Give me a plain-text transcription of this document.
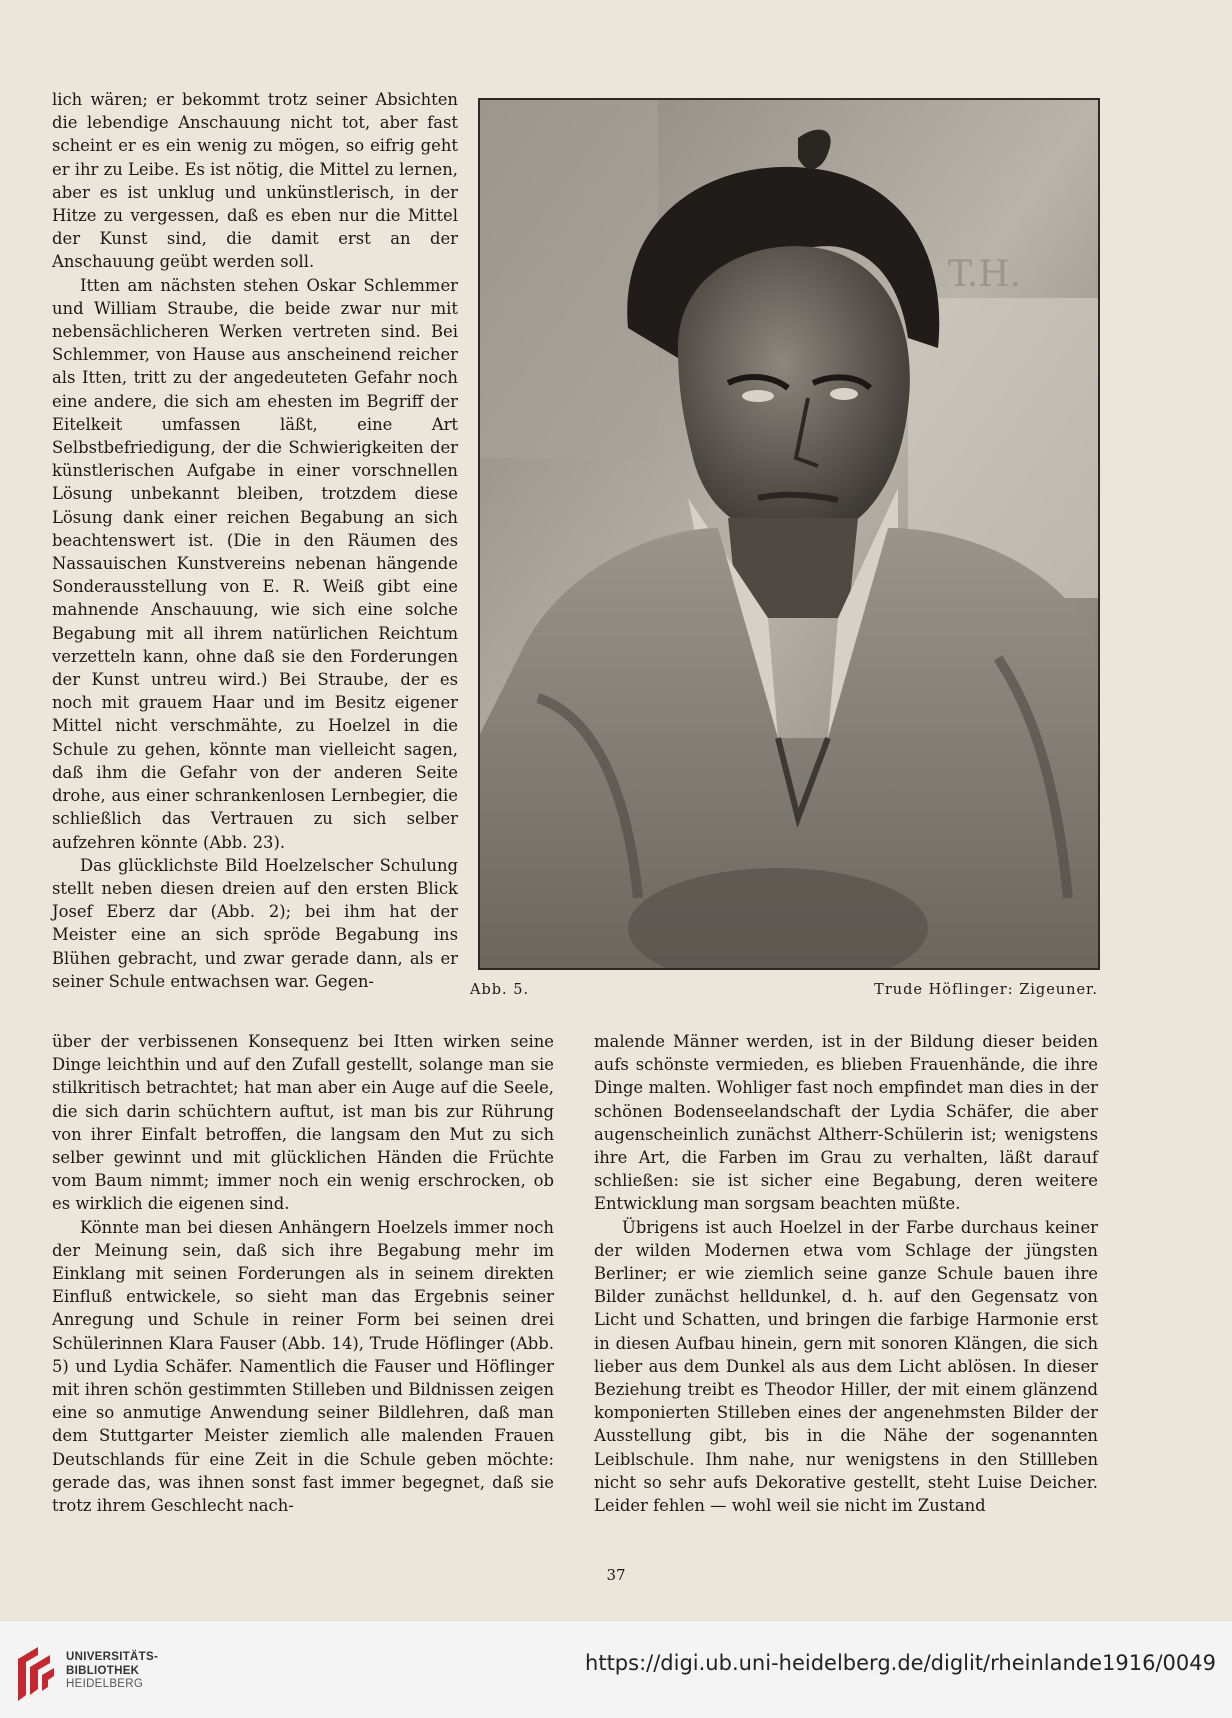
lich wären; er bekommt trotz seiner Absichten die lebendige Anschauung nicht tot, aber fast scheint er es ein wenig zu mögen, so eifrig geht er ihr zu Leibe. Es ist nötig, die Mittel zu lernen, aber es ist unklug und unkünstlerisch, in der Hitze zu vergessen, daß es eben nur die Mittel der Kunst sind, die damit erst an der Anschauung geübt werden soll.
Itten am nächsten stehen Oskar Schlemmer und William Straube, die beide zwar nur mit nebensächlicheren Werken vertreten sind. Bei Schlemmer, von Hause aus anscheinend reicher als Itten, tritt zu der angedeuteten Gefahr noch eine andere, die sich am ehesten im Begriff der Eitelkeit umfassen läßt, eine Art Selbstbefriedigung, der die Schwierigkeiten der künstlerischen Aufgabe in einer vorschnellen Lösung unbekannt bleiben, trotzdem diese Lösung dank einer reichen Begabung an sich beachtenswert ist. (Die in den Räumen des Nassauischen Kunstvereins nebenan hängende Sonderausstellung von E. R. Weiß gibt eine mahnende Anschauung, wie sich eine solche Begabung mit all ihrem natürlichen Reichtum verzetteln kann, ohne daß sie den Forderungen der Kunst untreu wird.) Bei Straube, der es noch mit grauem Haar und im Besitz eigener Mittel nicht verschmähte, zu Hoelzel in die Schule zu gehen, könnte man vielleicht sagen, daß ihm die Gefahr von der anderen Seite drohe, aus einer schrankenlosen Lernbegier, die schließlich das Vertrauen zu sich selber aufzehren könnte (Abb. 23).
Das glücklichste Bild Hoelzelscher Schulung stellt neben diesen dreien auf den ersten Blick Josef Eberz dar (Abb. 2); bei ihm hat der Meister eine an sich spröde Begabung ins Blühen gebracht, und zwar gerade dann, als er seiner Schule entwachsen war. Gegen-
T.H.
Abb. 5.	Trude Höflinger: Zigeuner.
über der verbissenen Konsequenz bei Itten wirken seine Dinge leichthin und auf den Zufall gestellt, solange man sie stilkritisch betrachtet; hat man aber ein Auge auf die Seele, die sich darin schüchtern auftut, ist man bis zur Rührung von ihrer Einfalt betroffen, die langsam den Mut zu sich selber gewinnt und mit glücklichen Händen die Früchte vom Baum nimmt; immer noch ein wenig erschrocken, ob es wirklich die eigenen sind.
Könnte man bei diesen Anhängern Hoelzels immer noch der Meinung sein, daß sich ihre Begabung mehr im Einklang mit seinen Forderungen als in seinem direkten Einfluß entwickele, so sieht man das Ergebnis seiner Anregung und Schule in reiner Form bei seinen drei Schülerinnen Klara Fauser (Abb. 14), Trude Höflinger (Abb. 5) und Lydia Schäfer. Namentlich die Fauser und Höflinger mit ihren schön gestimmten Stilleben und Bildnissen zeigen eine so anmutige Anwendung seiner Bildlehren, daß man dem Stuttgarter Meister ziemlich alle malenden Frauen Deutschlands für eine Zeit in die Schule geben möchte: gerade das, was ihnen sonst fast immer begegnet, daß sie trotz ihrem Geschlecht nach-
malende Männer werden, ist in der Bildung dieser beiden aufs schönste vermieden, es blieben Frauenhände, die ihre Dinge malten. Wohliger fast noch empfindet man dies in der schönen Bodenseelandschaft der Lydia Schäfer, die aber augenscheinlich zunächst Altherr-Schülerin ist; wenigstens ihre Art, die Farben im Grau zu verhalten, läßt darauf schließen: sie ist sicher eine Begabung, deren weitere Entwicklung man sorgsam beachten müßte.
Übrigens ist auch Hoelzel in der Farbe durchaus keiner der wilden Modernen etwa vom Schlage der jüngsten Berliner; er wie ziemlich seine ganze Schule bauen ihre Bilder zunächst helldunkel, d. h. auf den Gegensatz von Licht und Schatten, und bringen die farbige Harmonie erst in diesen Aufbau hinein, gern mit sonoren Klängen, die sich lieber aus dem Dunkel als aus dem Licht ablösen. In dieser Beziehung treibt es Theodor Hiller, der mit einem glänzend komponierten Stilleben eines der angenehmsten Bilder der Ausstellung gibt, bis in die Nähe der sogenannten Leiblschule. Ihm nahe, nur wenigstens in den Stillleben nicht so sehr aufs Dekorative gestellt, steht Luise Deicher. Leider fehlen — wohl weil sie nicht im Zustand
37
UNIVERSITÄTS-
BIBLIOTHEK
HEIDELBERG
https://digi.ub.uni-heidelberg.de/diglit/rheinlande1916/0049
